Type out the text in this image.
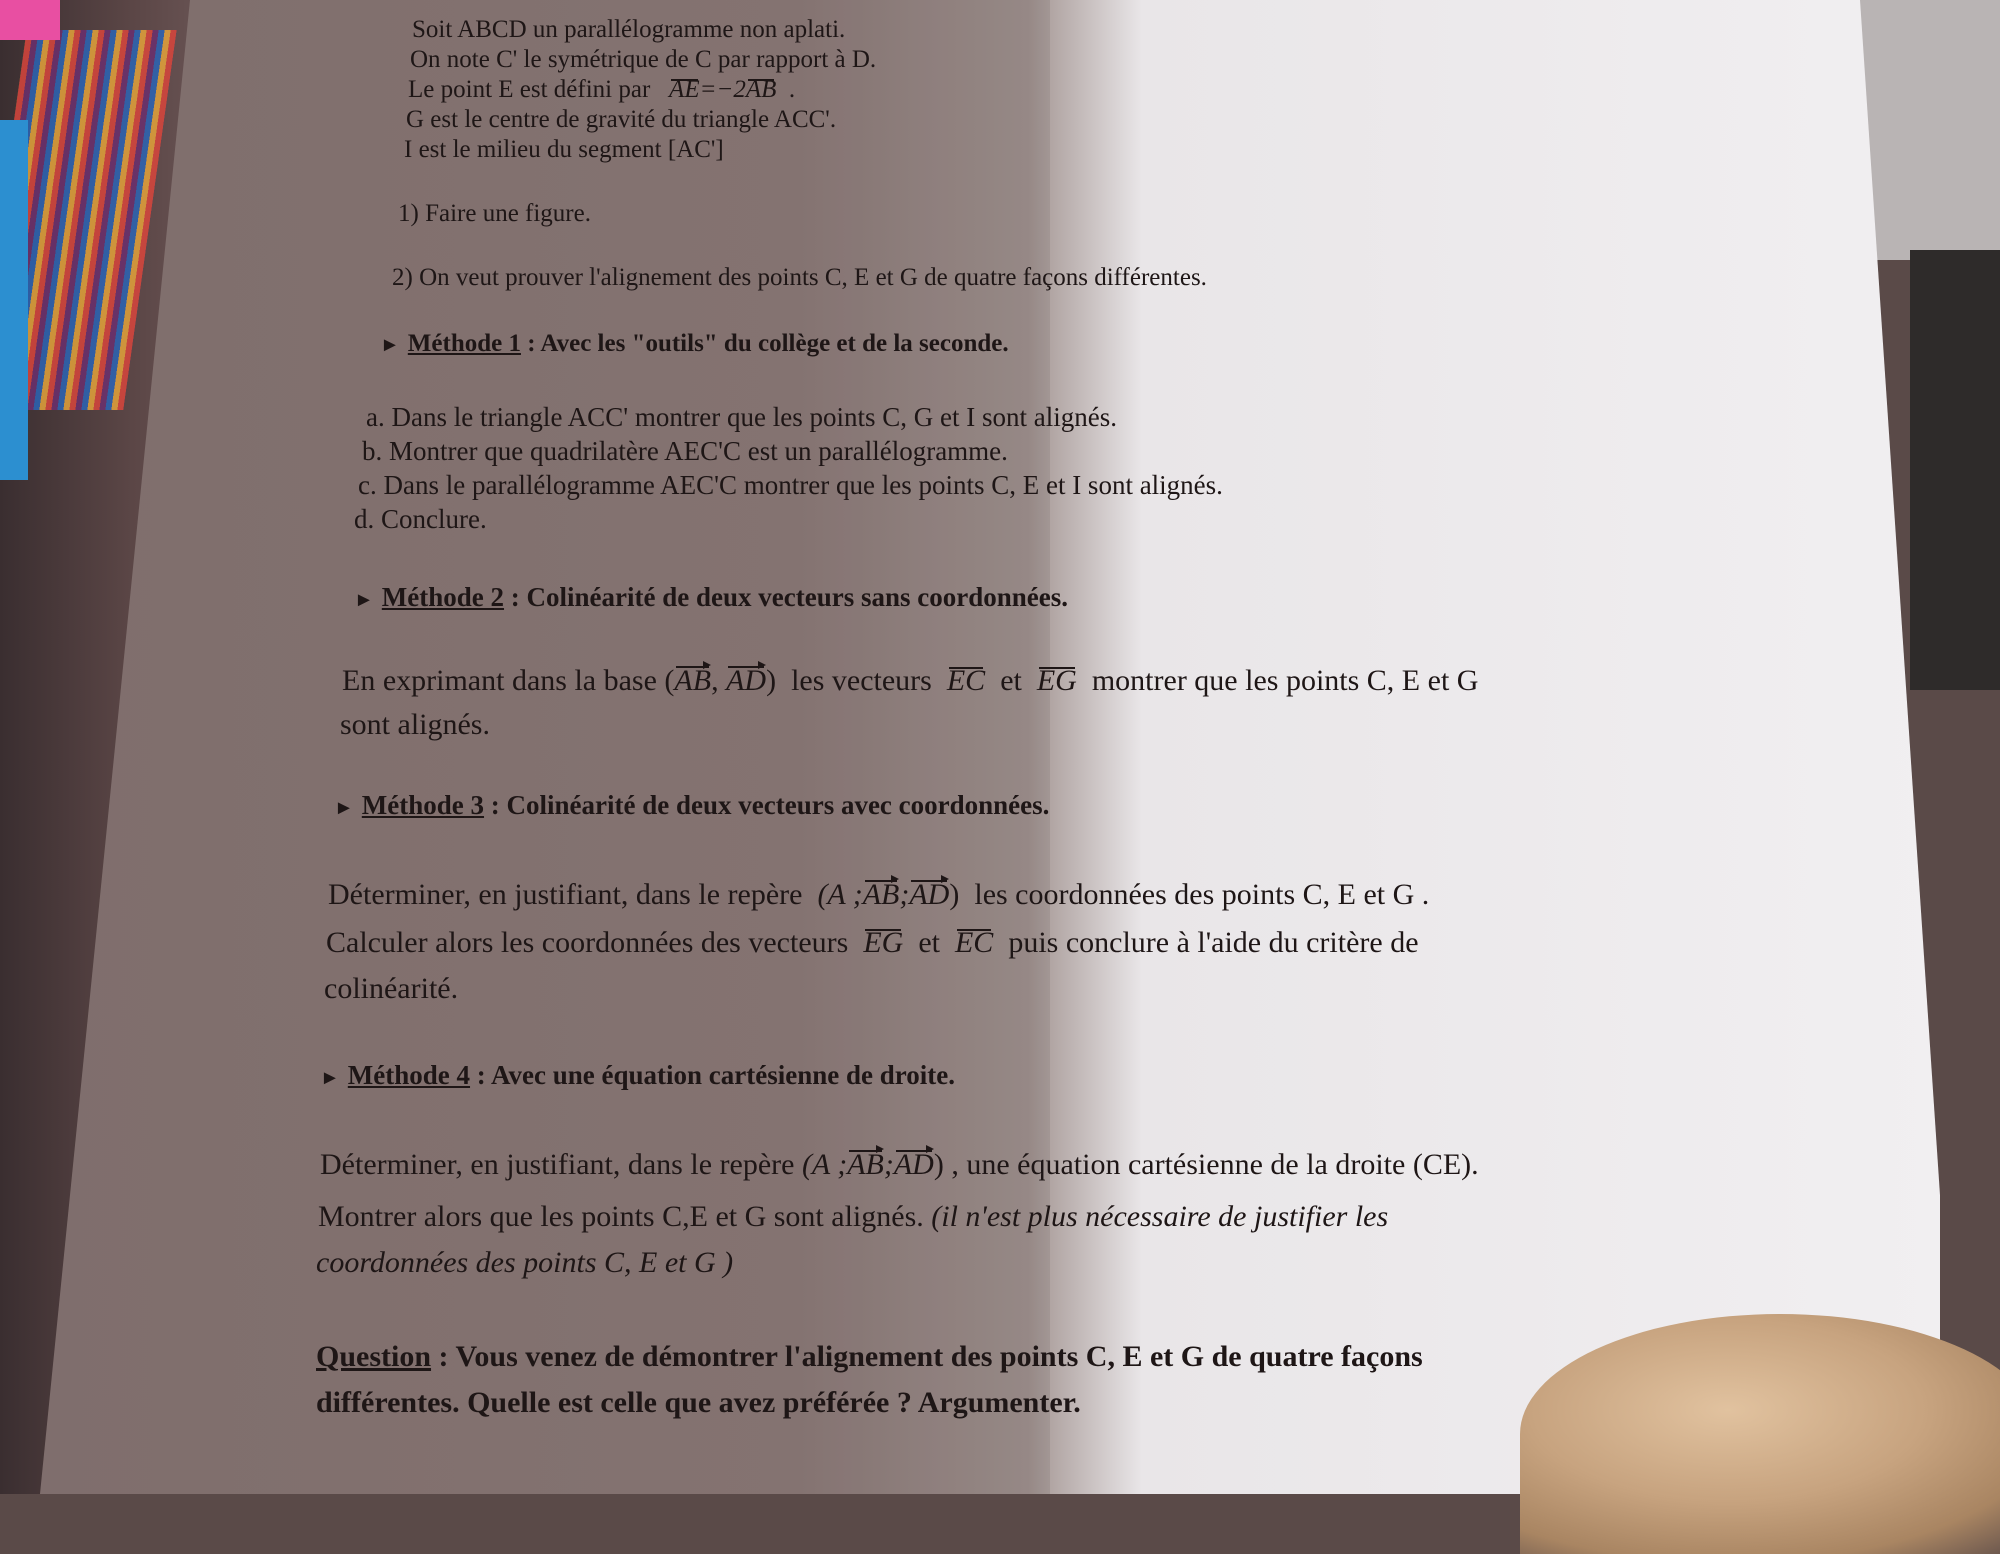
Soit ABCD un parallélogramme non aplati.
On note C' le symétrique de C par rapport à D.
Le point E est défini par AE=−2AB .
G est le centre de gravité du triangle ACC'.
I est le milieu du segment [AC']
1) Faire une figure.
2) On veut prouver l'alignement des points C, E et G de quatre façons différentes.
► Méthode 1 : Avec les "outils" du collège et de la seconde.
a. Dans le triangle ACC' montrer que les points C, G et I sont alignés.
b. Montrer que quadrilatère AEC'C est un parallélogramme.
c. Dans le parallélogramme AEC'C montrer que les points C, E et I sont alignés.
d. Conclure.
► Méthode 2 : Colinéarité de deux vecteurs sans coordonnées.
En exprimant dans la base (AB, AD) les vecteurs EC et EG montrer que les points C, E et G
sont alignés.
► Méthode 3 : Colinéarité de deux vecteurs avec coordonnées.
Déterminer, en justifiant, dans le repère (A ;AB;AD) les coordonnées des points C, E et G .
Calculer alors les coordonnées des vecteurs EG et EC puis conclure à l'aide du critère de
colinéarité.
► Méthode 4 : Avec une équation cartésienne de droite.
Déterminer, en justifiant, dans le repère (A ;AB;AD) , une équation cartésienne de la droite (CE).
Montrer alors que les points C,E et G sont alignés. (il n'est plus nécessaire de justifier les
coordonnées des points C, E et G )
Question : Vous venez de démontrer l'alignement des points C, E et G de quatre façons
différentes. Quelle est celle que avez préférée ? Argumenter.
